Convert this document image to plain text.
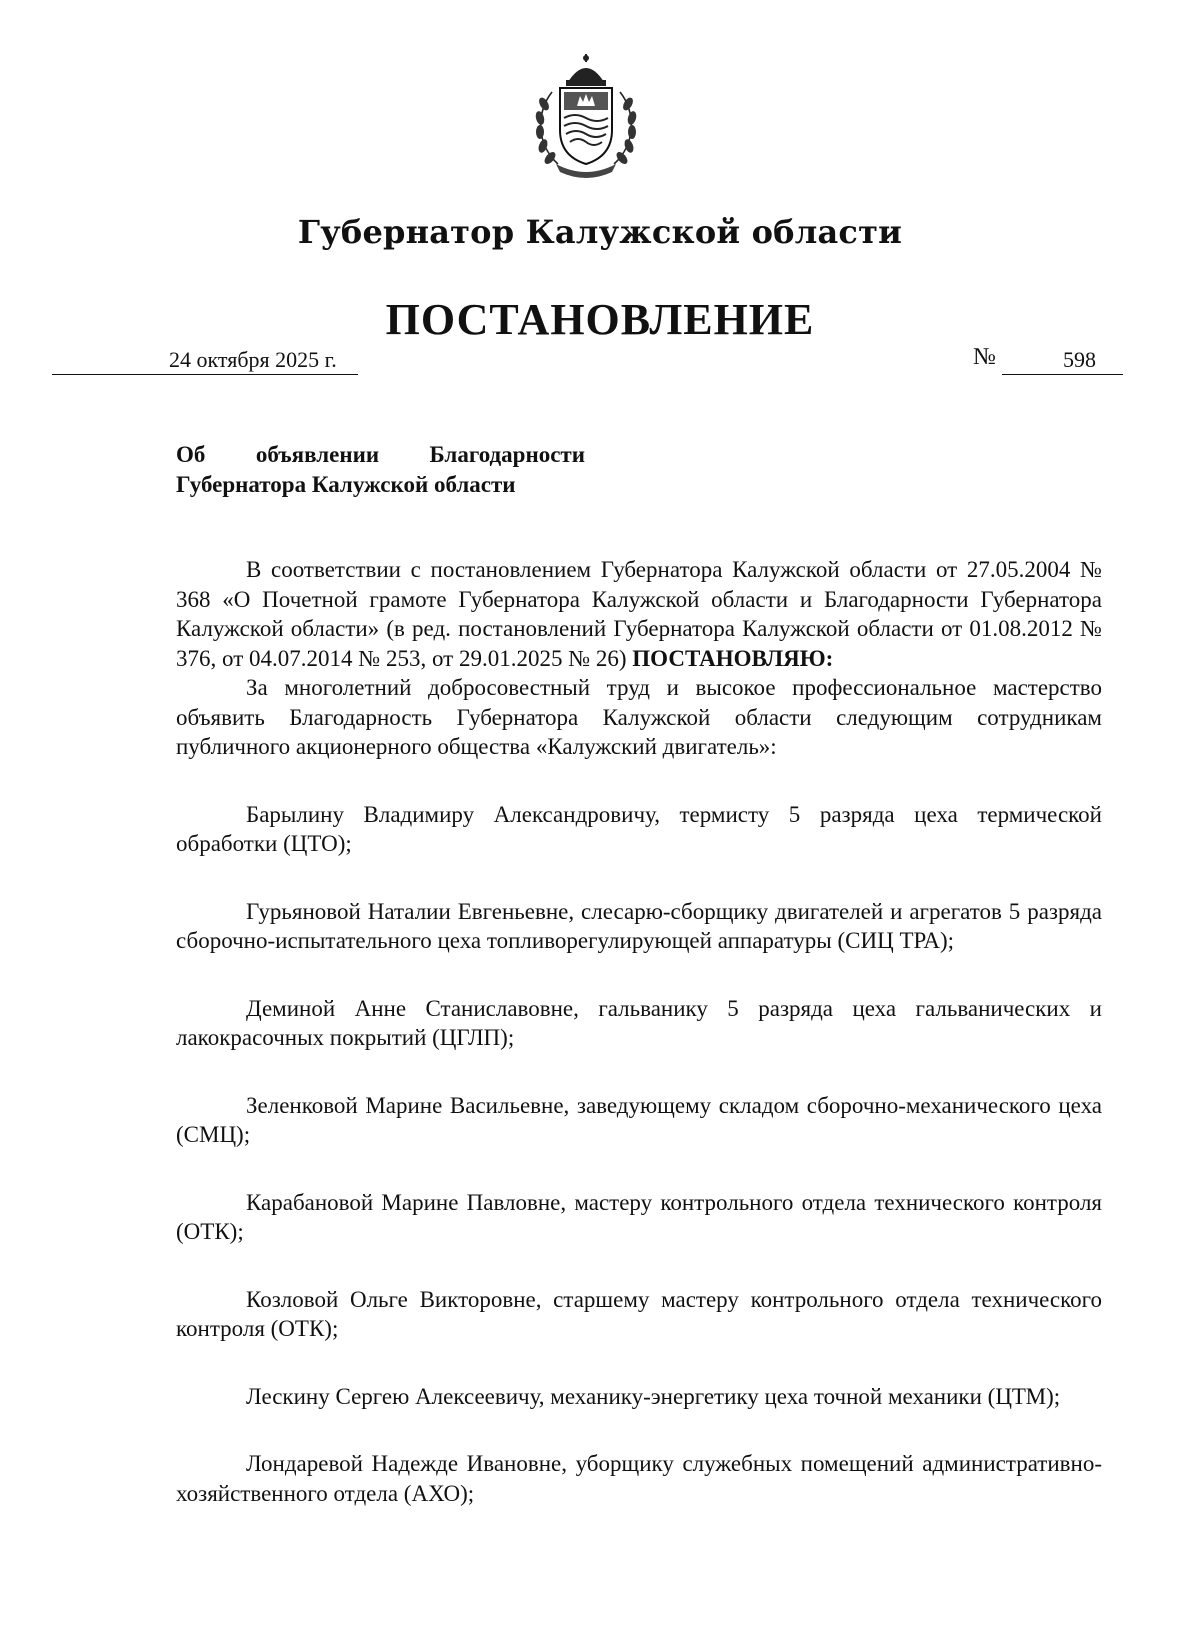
Губернатор Калужской области
ПОСТАНОВЛЕНИЕ
24 октября 2025 г.	№	598
Об объявлении Благодарности
Губернатора Калужской области

В соответствии с постановлением Губернатора Калужской области от 27.05.2004 № 368 «О Почетной грамоте Губернатора Калужской области и Благодарности Губернатора Калужской области» (в ред. постановлений Губернатора Калужской области от 01.08.2012 № 376, от 04.07.2014 № 253, от 29.01.2025 № 26) ПОСТАНОВЛЯЮ:

За многолетний добросовестный труд и высокое профессиональное мастерство объявить Благодарность Губернатора Калужской области следующим сотрудникам публичного акционерного общества «Калужский двигатель»:

Барылину Владимиру Александровичу, термисту 5 разряда цеха термической обработки (ЦТО);

Гурьяновой Наталии Евгеньевне, слесарю-сборщику двигателей и агрегатов 5 разряда сборочно-испытательного цеха топливорегулирующей аппаратуры (СИЦ ТРА);

Деминой Анне Станиславовне, гальванику 5 разряда цеха гальванических и лакокрасочных покрытий (ЦГЛП);

Зеленковой Марине Васильевне, заведующему складом сборочно-механического цеха (СМЦ);

Карабановой Марине Павловне, мастеру контрольного отдела технического контроля (ОТК);

Козловой Ольге Викторовне, старшему мастеру контрольного отдела технического контроля (ОТК);

Лескину Сергею Алексеевичу, механику-энергетику цеха точной механики (ЦТМ);

Лондаревой Надежде Ивановне, уборщику служебных помещений административно-хозяйственного отдела (АХО);
